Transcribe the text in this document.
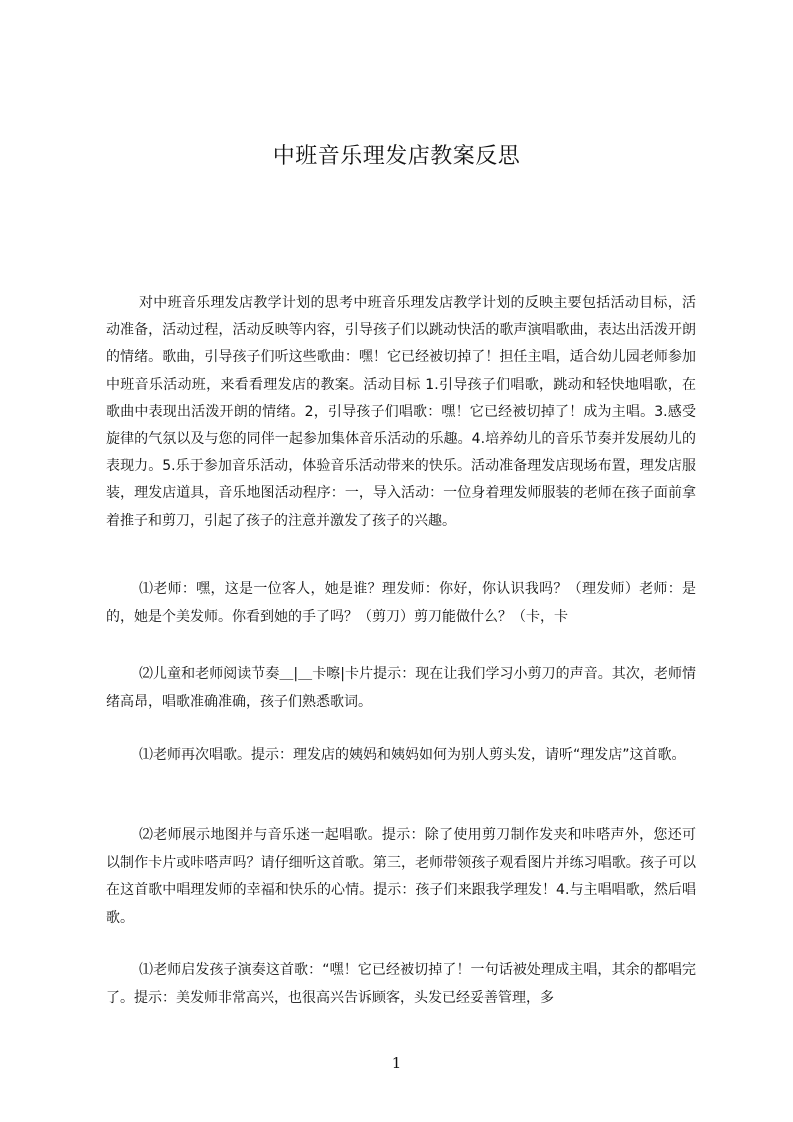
中班音乐理发店教案反思
对中班音乐理发店教学计划的思考中班音乐理发店教学计划的反映主要包括活动目标，活动准备，活动过程，活动反映等内容，引导孩子们以跳动快活的歌声演唱歌曲，表达出活泼开朗的情绪。歌曲，引导孩子们听这些歌曲：嘿！它已经被切掉了！担任主唱，适合幼儿园老师参加中班音乐活动班，来看看理发店的教案。活动目标 1.引导孩子们唱歌，跳动和轻快地唱歌，在歌曲中表现出活泼开朗的情绪。2，引导孩子们唱歌：嘿！它已经被切掉了！成为主唱。3.感受旋律的气氛以及与您的同伴一起参加集体音乐活动的乐趣。4.培养幼儿的音乐节奏并发展幼儿的表现力。5.乐于参加音乐活动，体验音乐活动带来的快乐。活动准备理发店现场布置，理发店服装，理发店道具，音乐地图活动程序：一，导入活动：一位身着理发师服装的老师在孩子面前拿着推子和剪刀，引起了孩子的注意并激发了孩子的兴趣。
⑴老师：嘿，这是一位客人，她是谁？理发师：你好，你认识我吗？（理发师）老师：是的，她是个美发师。你看到她的手了吗？（剪刀）剪刀能做什么？（卡，卡
⑵儿童和老师阅读节奏＿|＿卡嚓|卡片提示：现在让我们学习小剪刀的声音。其次，老师情绪高昂，唱歌准确准确，孩子们熟悉歌词。
⑴老师再次唱歌。提示：理发店的姨妈和姨妈如何为别人剪头发，请听“理发店”这首歌。
⑵老师展示地图并与音乐迷一起唱歌。提示：除了使用剪刀制作发夹和咔嗒声外，您还可以制作卡片或咔嗒声吗？请仔细听这首歌。第三，老师带领孩子观看图片并练习唱歌。孩子可以在这首歌中唱理发师的幸福和快乐的心情。提示：孩子们来跟我学理发！4.与主唱唱歌，然后唱歌。
⑴老师启发孩子演奏这首歌：“嘿！它已经被切掉了！一句话被处理成主唱，其余的都唱完了。提示：美发师非常高兴，也很高兴告诉顾客，头发已经妥善管理，多
1
